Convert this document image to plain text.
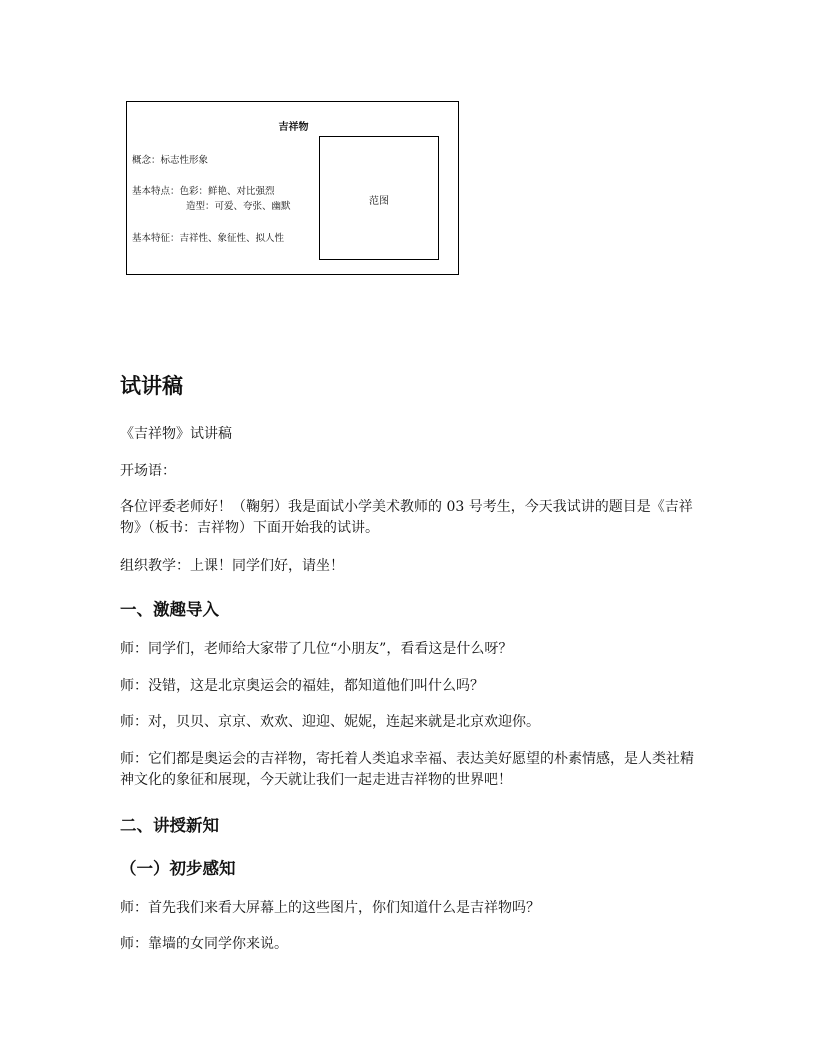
吉祥物
概念：标志性形象
基本特点：色彩：鲜艳、对比强烈
造型：可爱、夸张、幽默
基本特征：吉祥性、象征性、拟人性
范图
试讲稿
《吉祥物》试讲稿
开场语：
各位评委老师好！（鞠躬）我是面试小学美术教师的 03 号考生，今天我试讲的题目是《吉祥物》（板书：吉祥物）下面开始我的试讲。
组织教学：上课！同学们好，请坐！
一、激趣导入
师：同学们，老师给大家带了几位“小朋友”，看看这是什么呀？
师：没错，这是北京奥运会的福娃，都知道他们叫什么吗？
师：对，贝贝、京京、欢欢、迎迎、妮妮，连起来就是北京欢迎你。
师：它们都是奥运会的吉祥物，寄托着人类追求幸福、表达美好愿望的朴素情感，是人类社精神文化的象征和展现，今天就让我们一起走进吉祥物的世界吧！
二、讲授新知
（一）初步感知
师：首先我们来看大屏幕上的这些图片，你们知道什么是吉祥物吗？
师：靠墙的女同学你来说。
